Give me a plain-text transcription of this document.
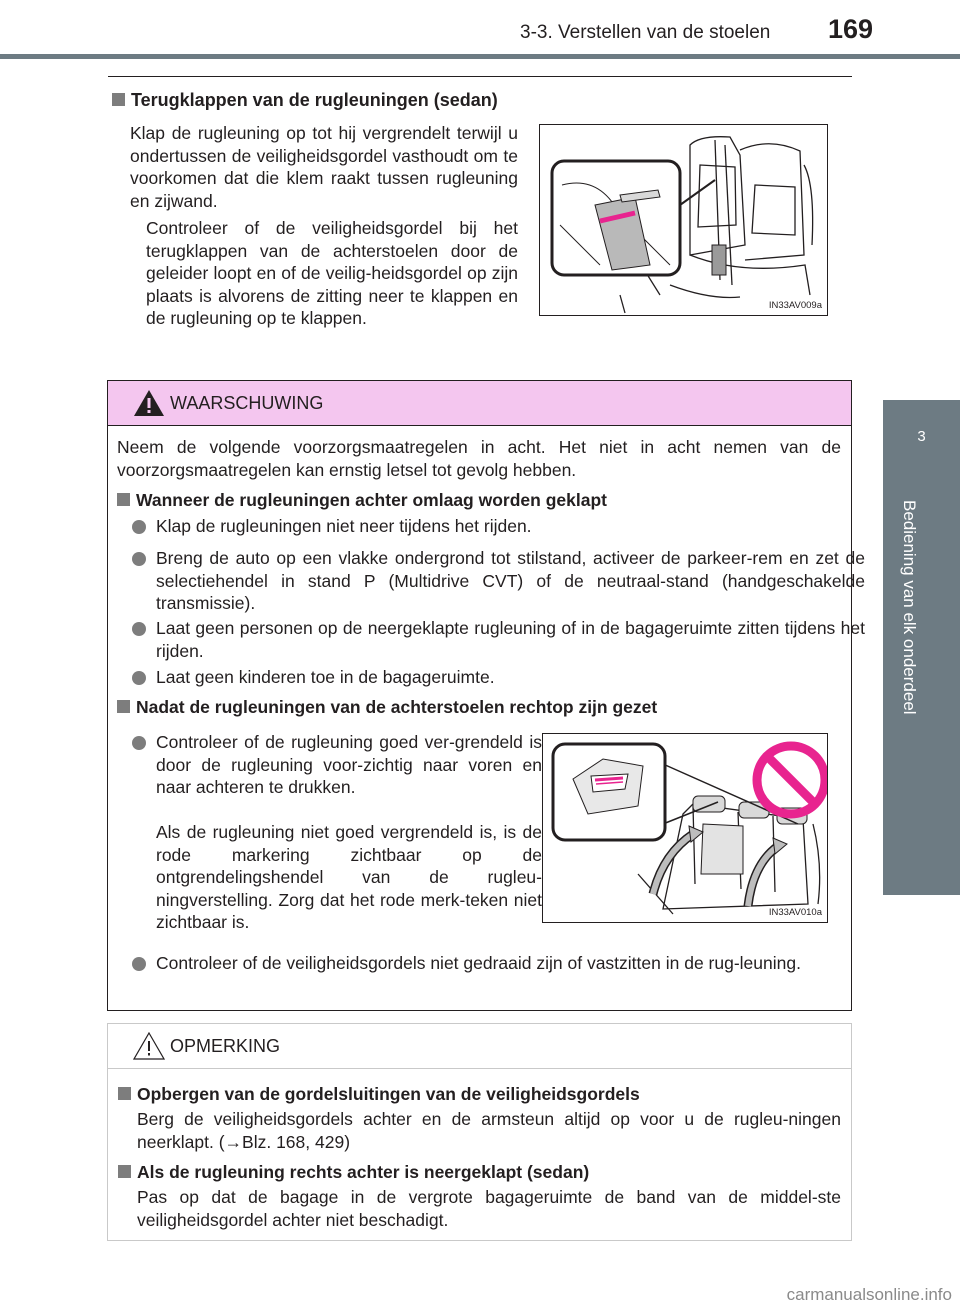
3-3. Verstellen van de stoelen 169
3
Bediening van elk onderdeel
Terugklappen van de rugleuningen (sedan)
Klap de rugleuning op tot hij vergrendelt terwijl u ondertussen de veiligheidsgordel vasthoudt om te voorkomen dat die klem raakt tussen rugleuning en zijwand.
Controleer of de veiligheidsgordel bij het terugklappen van de achterstoelen door de geleider loopt en of de veilig-heidsgordel op zijn plaats is alvorens de zitting neer te klappen en de rugleuning op te klappen.
IN33AV009a
WAARSCHUWING
Neem de volgende voorzorgsmaatregelen in acht. Het niet in acht nemen van de voorzorgsmaatregelen kan ernstig letsel tot gevolg hebben.
Wanneer de rugleuningen achter omlaag worden geklapt
Klap de rugleuningen niet neer tijdens het rijden.
Breng de auto op een vlakke ondergrond tot stilstand, activeer de parkeer-rem en zet de selectiehendel in stand P (Multidrive CVT) of de neutraal-stand (handgeschakelde transmissie).
Laat geen personen op de neergeklapte rugleuning of in de bagageruimte zitten tijdens het rijden.
Laat geen kinderen toe in de bagageruimte.
Nadat de rugleuningen van de achterstoelen rechtop zijn gezet
Controleer of de rugleuning goed ver-grendeld is door de rugleuning voor-zichtig naar voren en naar achteren te drukken.
Als de rugleuning niet goed vergrendeld is, is de rode markering zichtbaar op de ontgrendelingshendel van de rugleu-ningverstelling. Zorg dat het rode merk-teken niet zichtbaar is.	IN33AV010a
Controleer of de veiligheidsgordels niet gedraaid zijn of vastzitten in de rug-leuning.
OPMERKING
Opbergen van de gordelsluitingen van de veiligheidsgordels
Berg de veiligheidsgordels achter en de armsteun altijd op voor u de rugleu-ningen neerklapt. (→Blz. 168, 429)
Als de rugleuning rechts achter is neergeklapt (sedan)
Pas op dat de bagage in de vergrote bagageruimte de band van de middel-ste veiligheidsgordel achter niet beschadigt.
carmanualsonline.info
